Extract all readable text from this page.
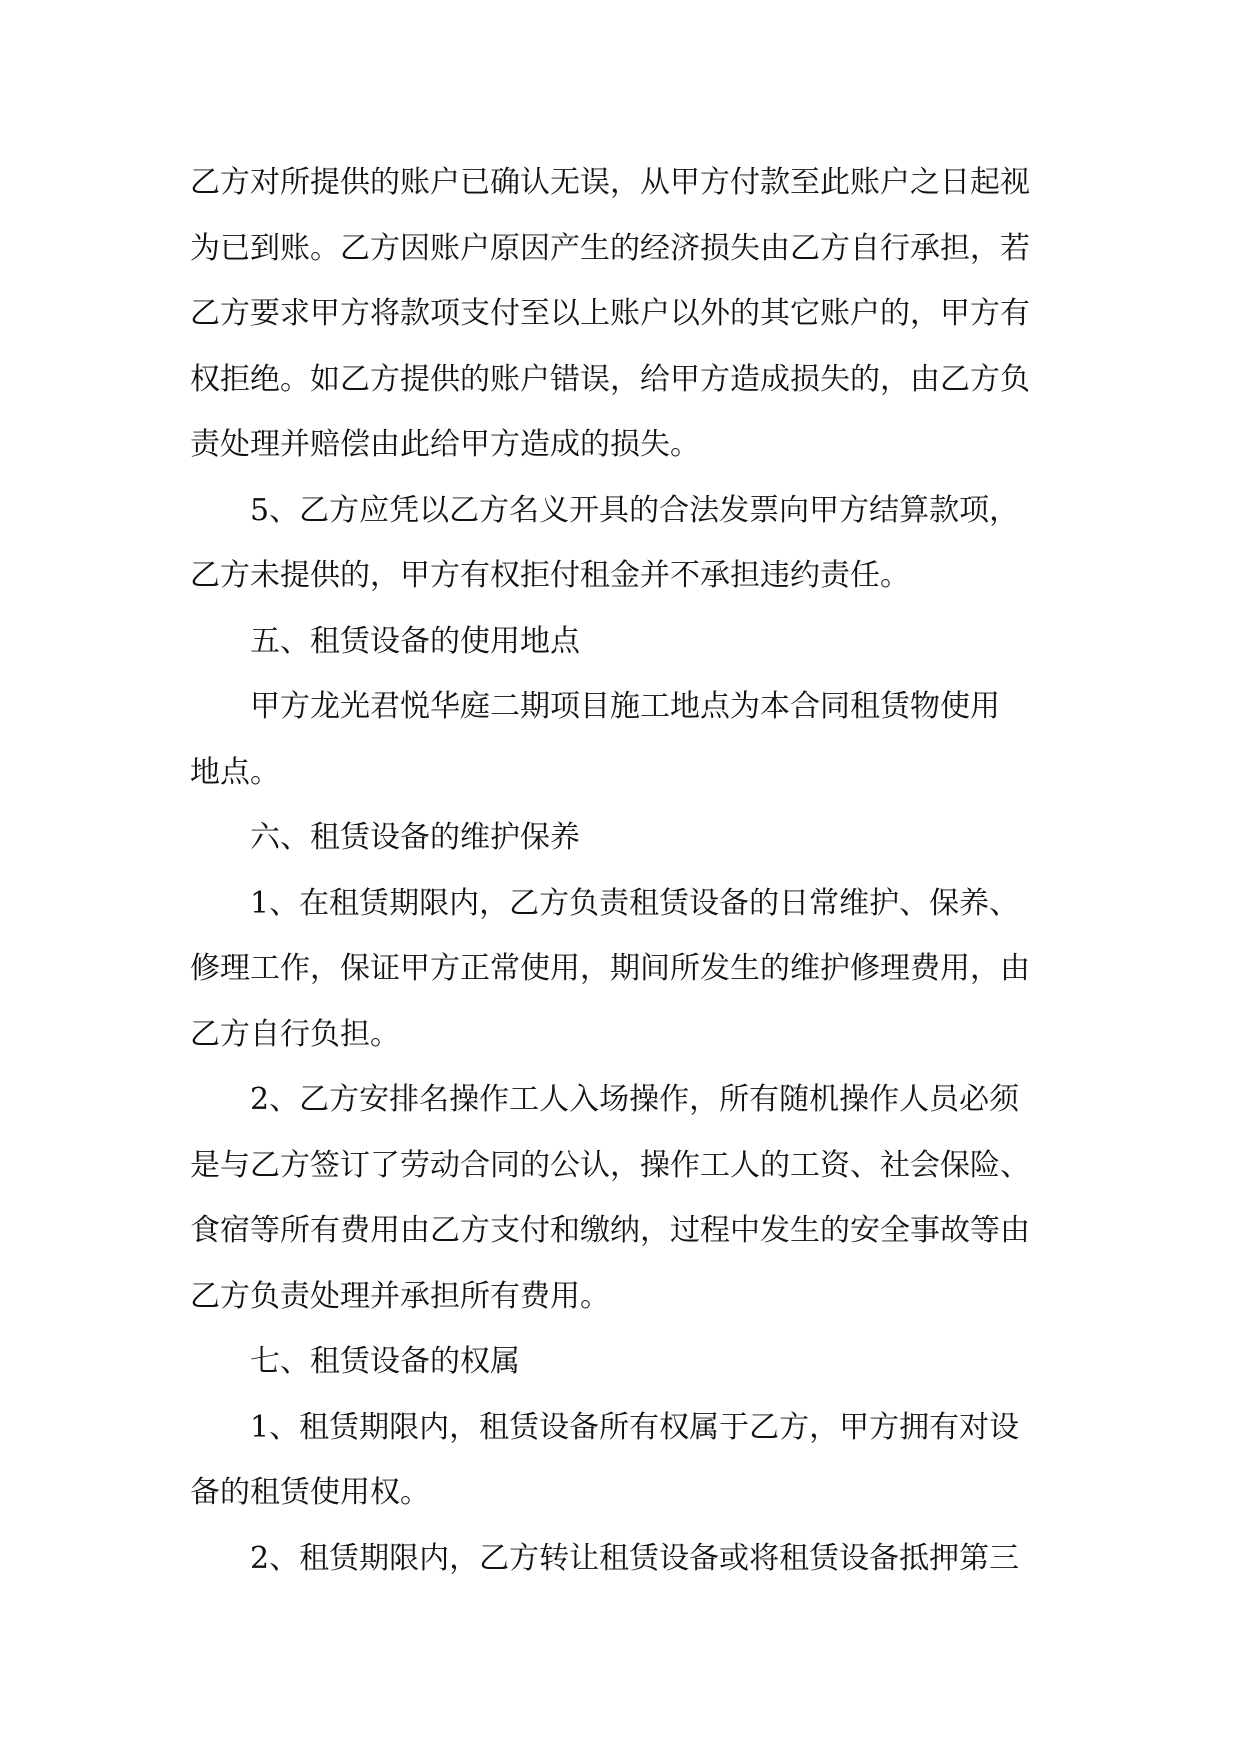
乙方对所提供的账户已确认无误，从甲方付款至此账户之日起视
为已到账。乙方因账户原因产生的经济损失由乙方自行承担，若
乙方要求甲方将款项支付至以上账户以外的其它账户的，甲方有
权拒绝。如乙方提供的账户错误，给甲方造成损失的，由乙方负
责处理并赔偿由此给甲方造成的损失。
5、乙方应凭以乙方名义开具的合法发票向甲方结算款项，
乙方未提供的，甲方有权拒付租金并不承担违约责任。
五、租赁设备的使用地点
甲方龙光君悦华庭二期项目施工地点为本合同租赁物使用
地点。
六、租赁设备的维护保养
1、在租赁期限内，乙方负责租赁设备的日常维护、保养、
修理工作，保证甲方正常使用，期间所发生的维护修理费用，由
乙方自行负担。
2、乙方安排名操作工人入场操作，所有随机操作人员必须
是与乙方签订了劳动合同的公认，操作工人的工资、社会保险、
食宿等所有费用由乙方支付和缴纳，过程中发生的安全事故等由
乙方负责处理并承担所有费用。
七、租赁设备的权属
1、租赁期限内，租赁设备所有权属于乙方，甲方拥有对设
备的租赁使用权。
2、租赁期限内，乙方转让租赁设备或将租赁设备抵押第三
